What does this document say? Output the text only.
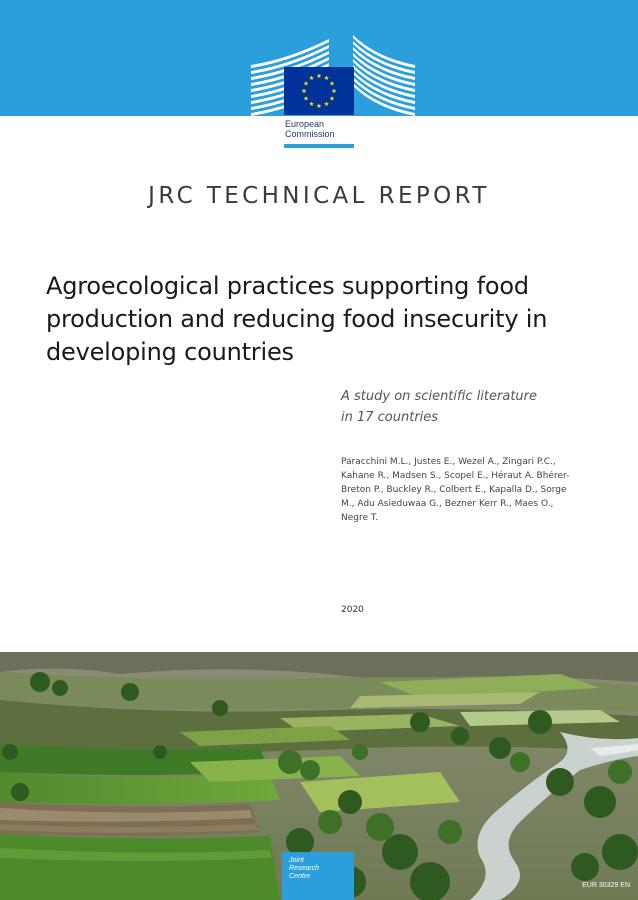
European
Commission
JRC TECHNICAL REPORT
Agroecological practices supporting food production and reducing food insecurity in developing countries
A study on scientific literature
in 17 countries
Paracchini M.L., Justes E., Wezel A., Zingari P.C.,
Kahane R., Madsen S., Scopel E., Héraut A. Bhérer-
Breton P., Buckley R., Colbert E., Kapalla D., Sorge
M., Adu Asieduwaa G., Bezner Kerr R., Maes O.,
Negre T.
2020
Joint
Research
Centre
EUR 30329 EN
